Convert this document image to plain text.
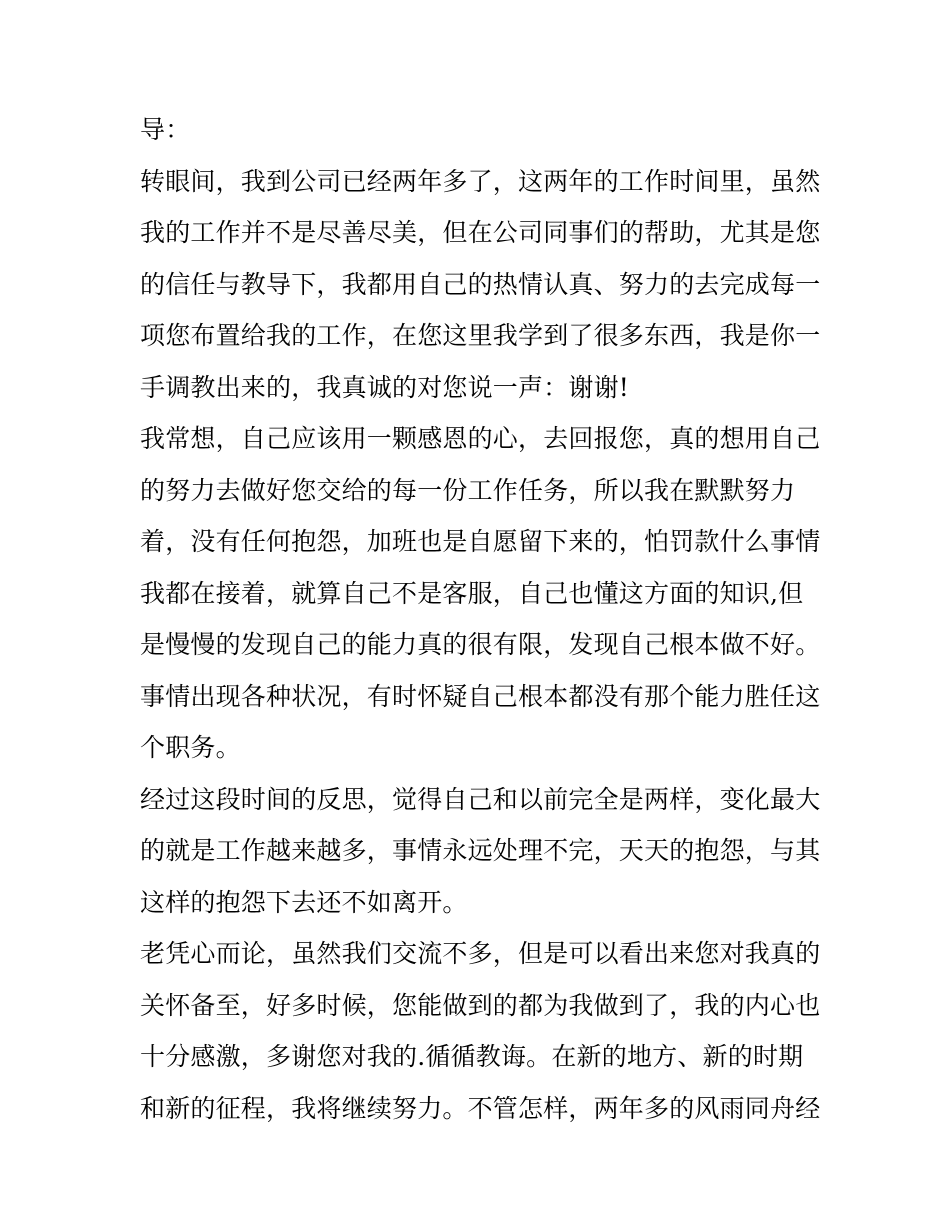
导：
转眼间，我到公司已经两年多了，这两年的工作时间里，虽然
我的工作并不是尽善尽美，但在公司同事们的帮助，尤其是您
的信任与教导下，我都用自己的热情认真、努力的去完成每一
项您布置给我的工作，在您这里我学到了很多东西，我是你一
手调教出来的，我真诚的对您说一声：谢谢!
我常想，自己应该用一颗感恩的心，去回报您，真的想用自己
的努力去做好您交给的每一份工作任务，所以我在默默努力
着，没有任何抱怨，加班也是自愿留下来的，怕罚款什么事情
我都在接着，就算自己不是客服，自己也懂这方面的知识,但
是慢慢的发现自己的能力真的很有限，发现自己根本做不好。
事情出现各种状况，有时怀疑自己根本都没有那个能力胜任这
个职务。
经过这段时间的反思，觉得自己和以前完全是两样，变化最大
的就是工作越来越多，事情永远处理不完，天天的抱怨，与其
这样的抱怨下去还不如离开。
老凭心而论，虽然我们交流不多，但是可以看出来您对我真的
关怀备至，好多时候，您能做到的都为我做到了，我的内心也
十分感激，多谢您对我的.循循教诲。在新的地方、新的时期
和新的征程，我将继续努力。不管怎样，两年多的风雨同舟经
